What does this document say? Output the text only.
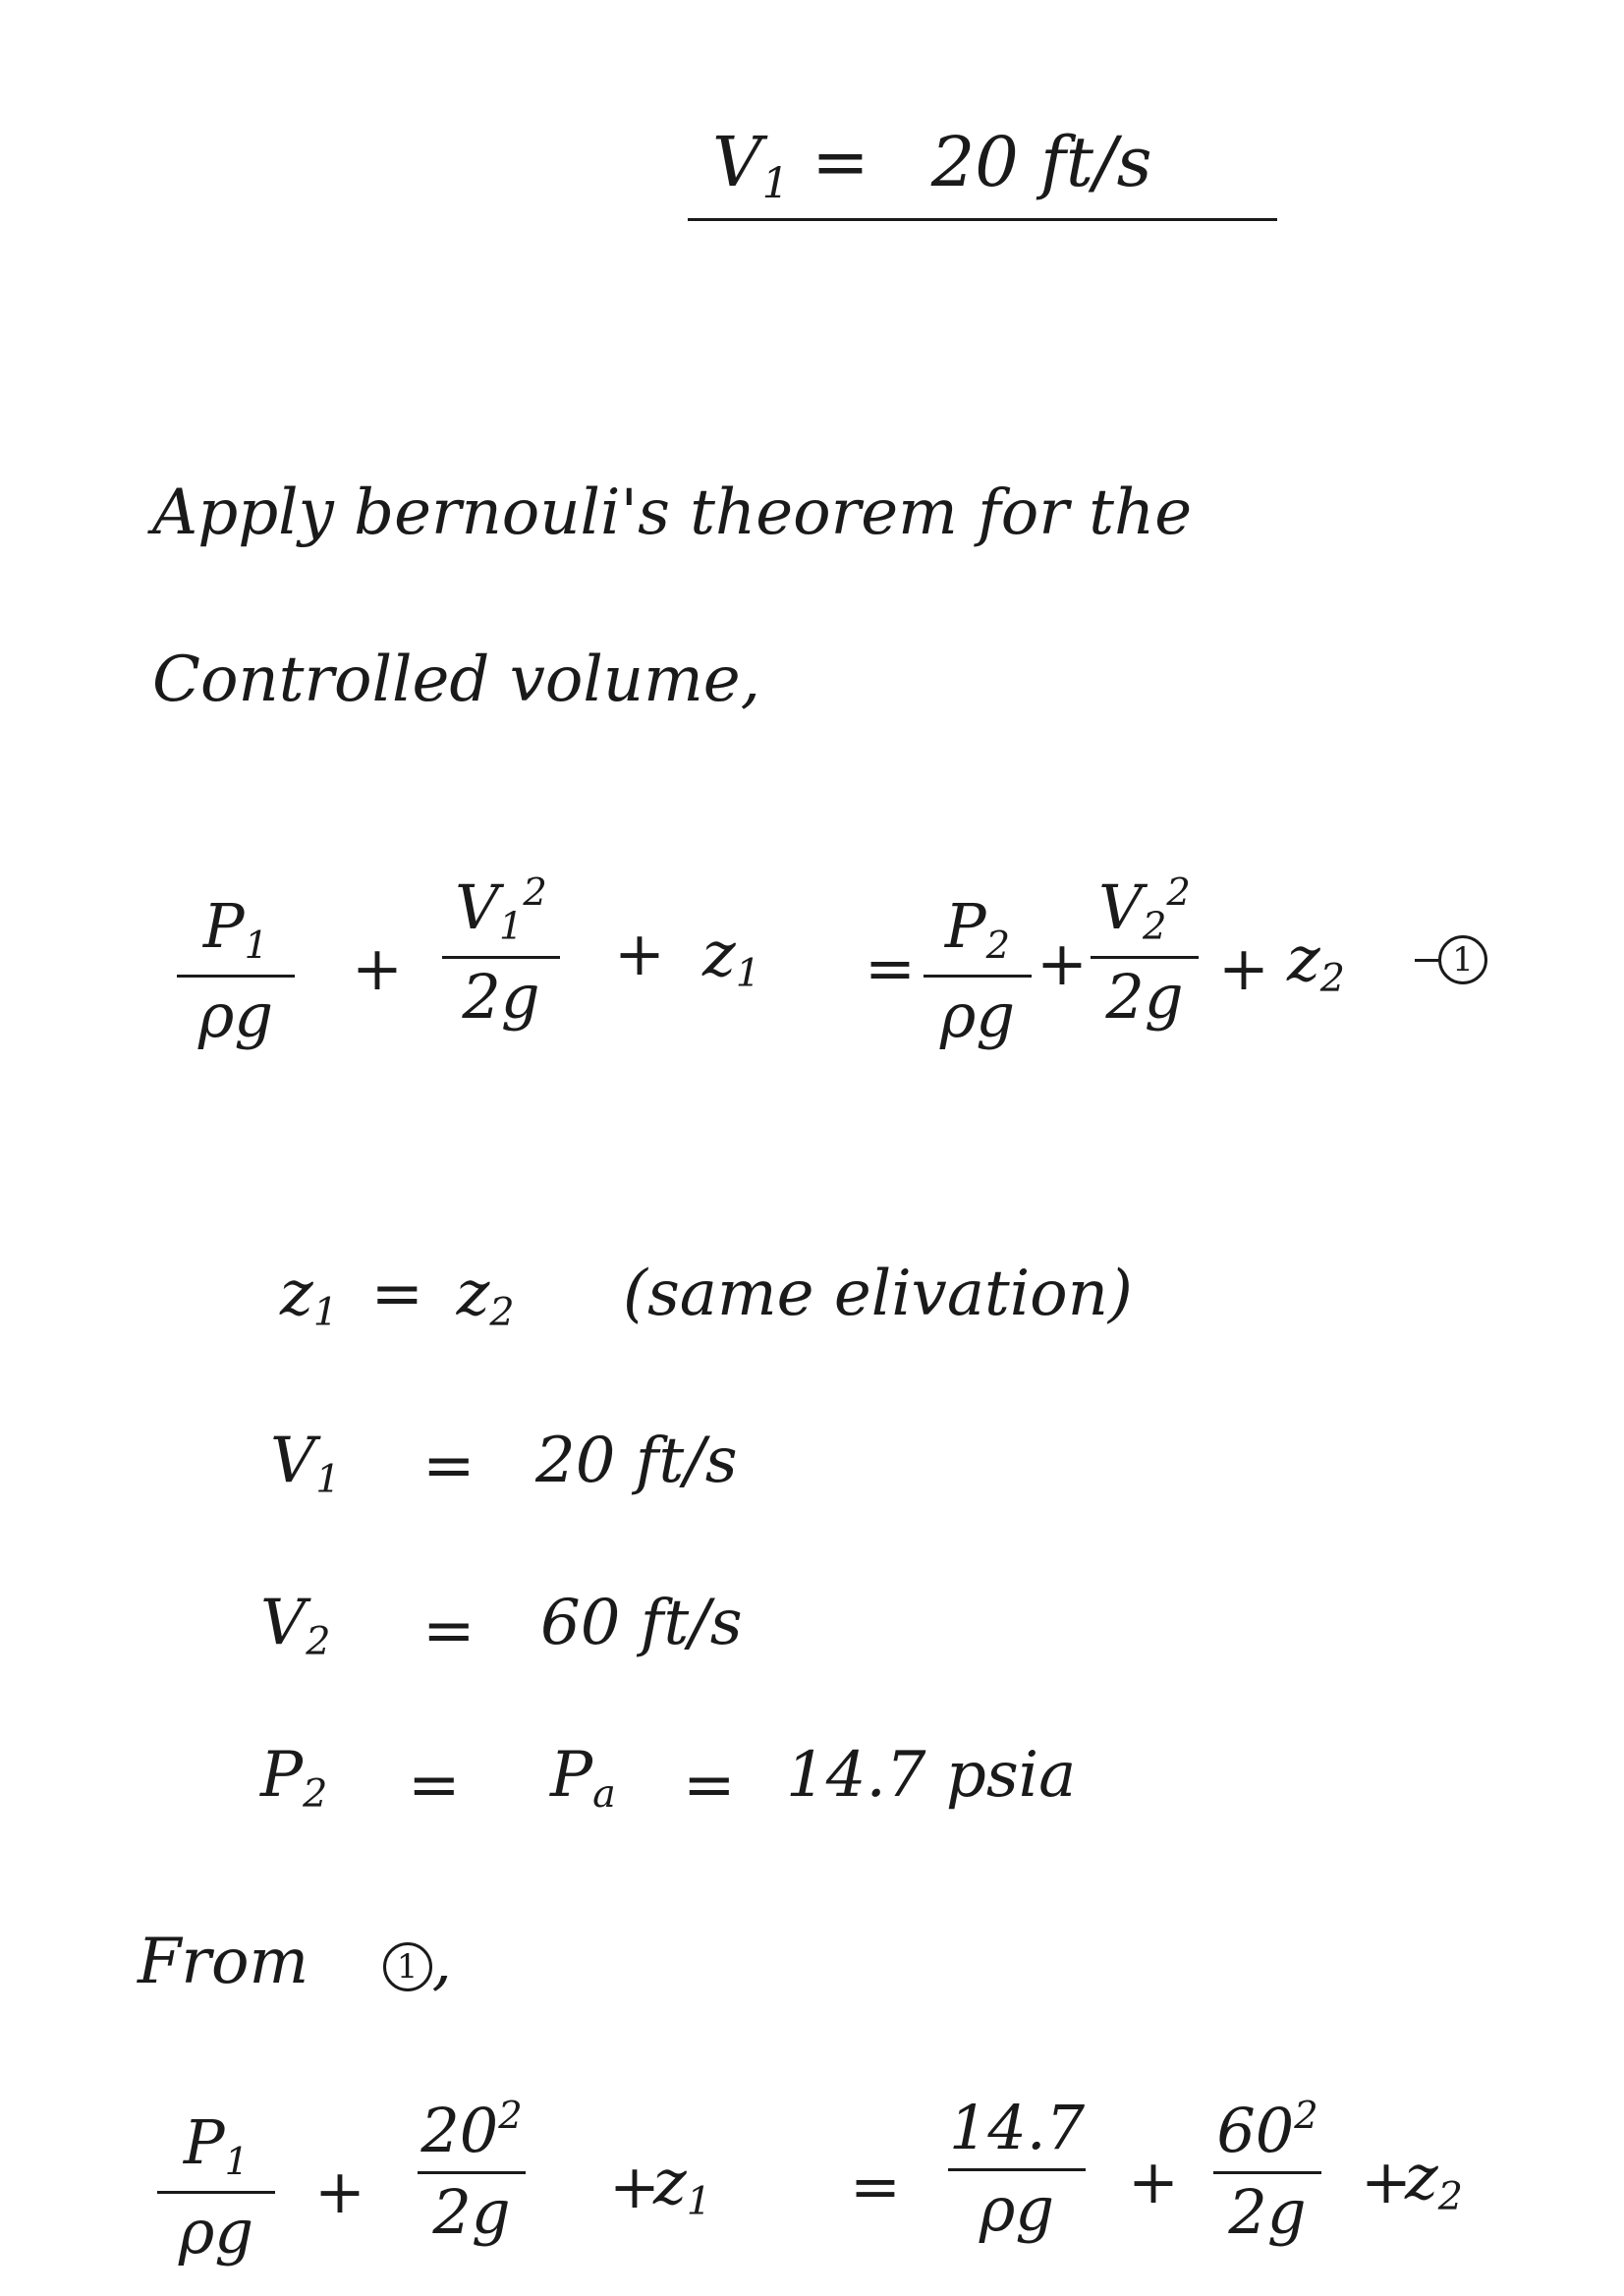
$V_1 = 20$ ft/s
Apply bernouli's theorem for the
Controlled volume,
$\frac{P_1}{\rho g} + \frac{V_1^2}{2g} + z_1 = \frac{P_2}{\rho g} + \frac{V_2^2}{2g} + z_2$	1
$z_1 = z_2$ (same elivation)
$V_1 = 20$ ft/s
$V_2 = 60$ ft/s
$P_2 = P_a = 14.7$ psia
From	1 ,
$\frac{P_1}{\rho g} + \frac{20^2}{2g}$ +
$z_1 = \frac{14.7}{\rho g} + \frac{60^2}{2g}$ +
$z_2$
